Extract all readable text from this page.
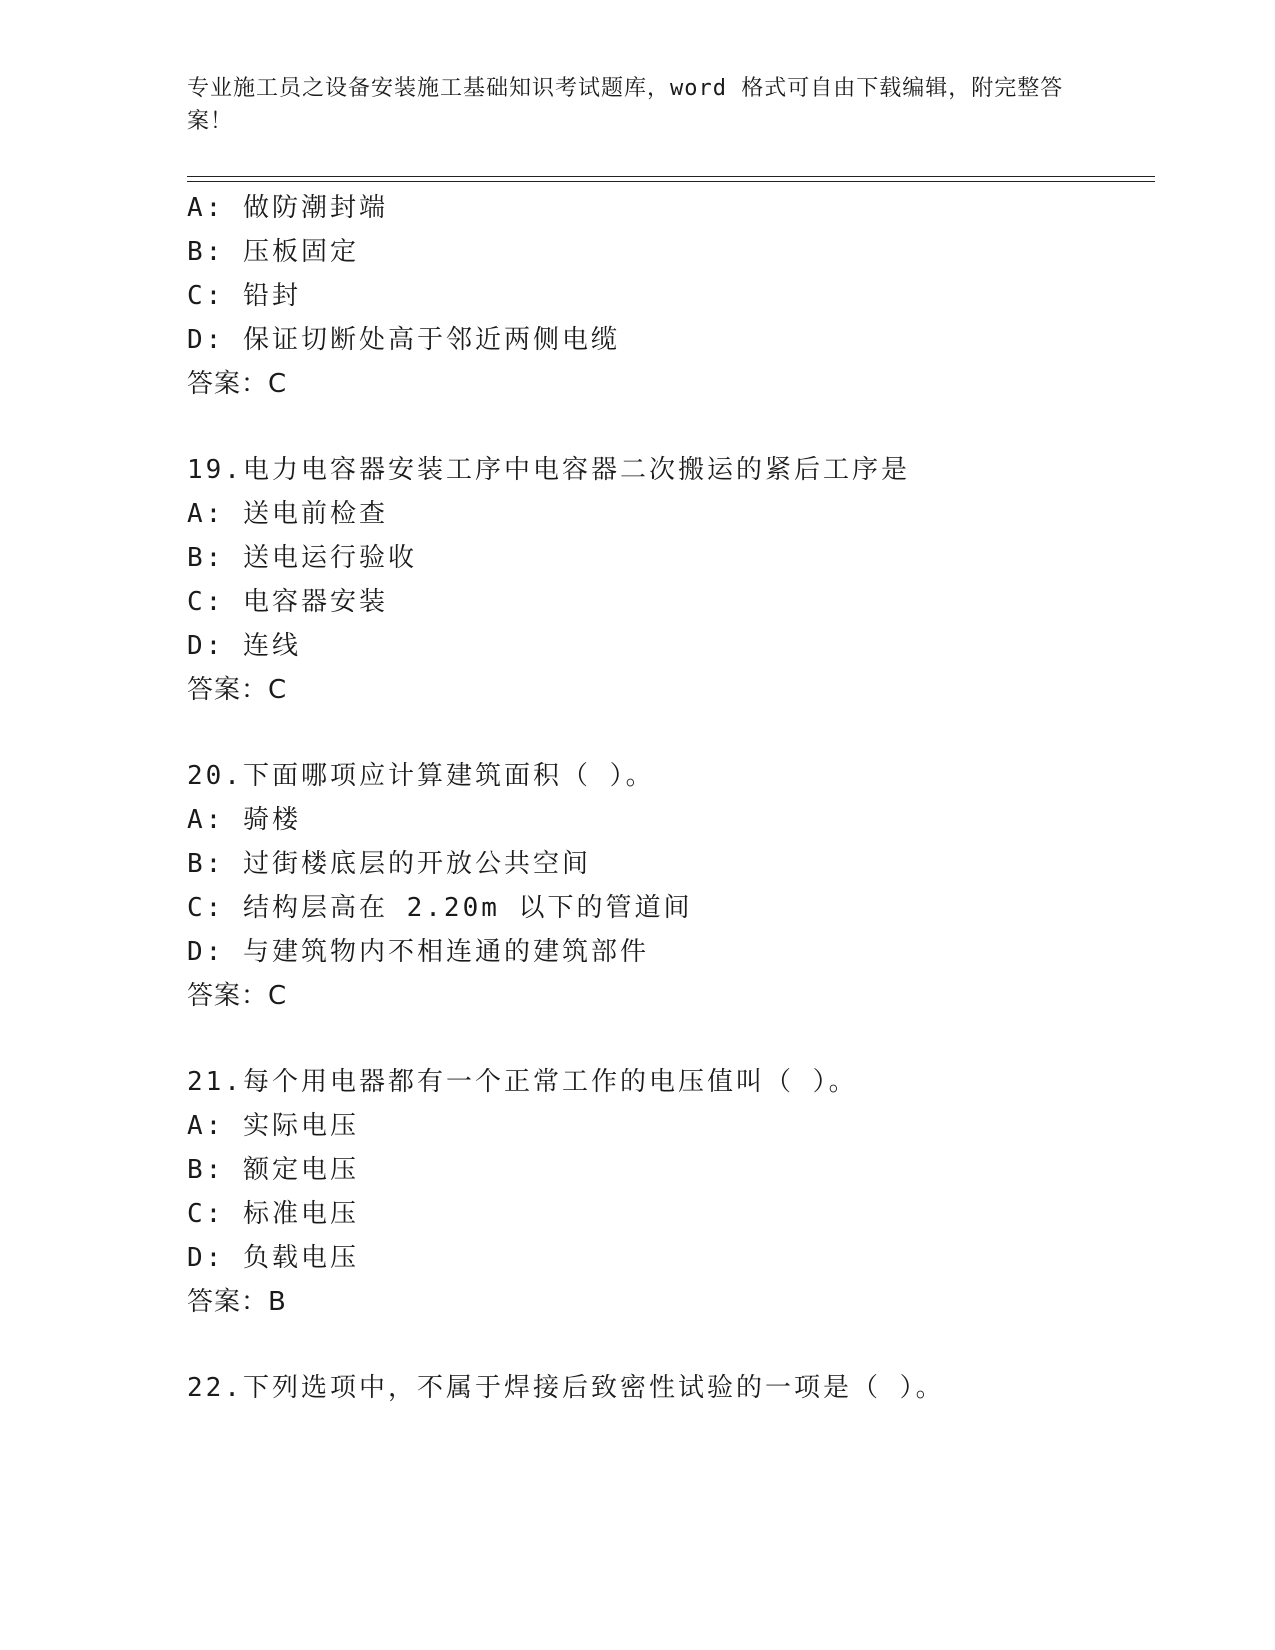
专业施工员之设备安装施工基础知识考试题库，word 格式可自由下载编辑，附完整答案！
A: 做防潮封端
B: 压板固定
C: 铅封
D: 保证切断处高于邻近两侧电缆
答案：C
19.电力电容器安装工序中电容器二次搬运的紧后工序是
A: 送电前检查
B: 送电运行验收
C: 电容器安装
D: 连线
答案：C
20.下面哪项应计算建筑面积（ ）。
A: 骑楼
B: 过街楼底层的开放公共空间
C: 结构层高在 2.20m 以下的管道间
D: 与建筑物内不相连通的建筑部件
答案：C
21.每个用电器都有一个正常工作的电压值叫（ ）。
A: 实际电压
B: 额定电压
C: 标准电压
D: 负载电压
答案：B
22.下列选项中，不属于焊接后致密性试验的一项是（ ）。
